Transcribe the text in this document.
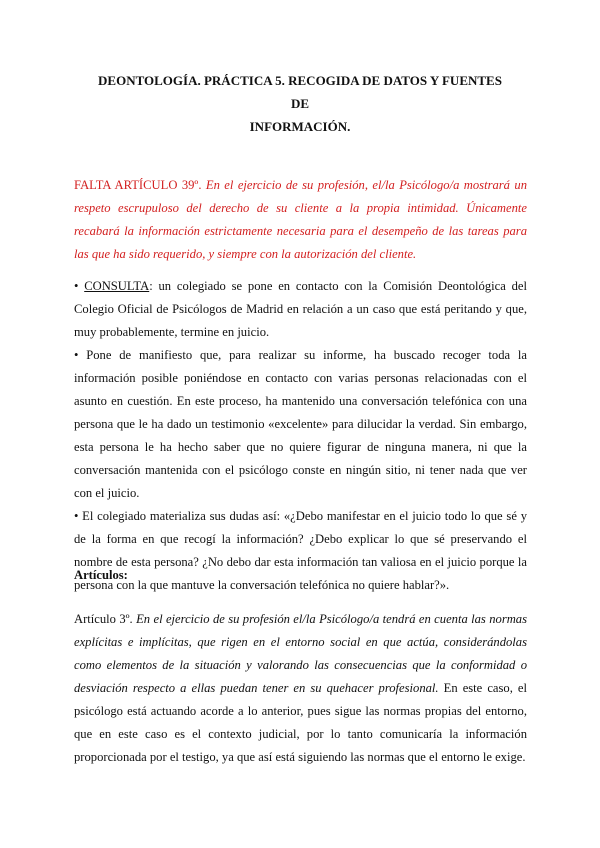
DEONTOLOGÍA. PRÁCTICA 5. RECOGIDA DE DATOS Y FUENTES DE
INFORMACIÓN.
FALTA ARTÍCULO 39º. En el ejercicio de su profesión, el/la Psicólogo/a mostrará un respeto escrupuloso del derecho de su cliente a la propia intimidad. Únicamente recabará la información estrictamente necesaria para el desempeño de las tareas para las que ha sido requerido, y siempre con la autorización del cliente.

• CONSULTA: un colegiado se pone en contacto con la Comisión Deontológica del Colegio Oficial de Psicólogos de Madrid en relación a un caso que está peritando y que, muy probablemente, termine en juicio.

• Pone de manifiesto que, para realizar su informe, ha buscado recoger toda la información posible poniéndose en contacto con varias personas relacionadas con el asunto en cuestión. En este proceso, ha mantenido una conversación telefónica con una persona que le ha dado un testimonio «excelente» para dilucidar la verdad. Sin embargo, esta persona le ha hecho saber que no quiere figurar de ninguna manera, ni que la conversación mantenida con el psicólogo conste en ningún sitio, ni tener nada que ver con el juicio.

• El colegiado materializa sus dudas así: «¿Debo manifestar en el juicio todo lo que sé y de la forma en que recogí la información? ¿Debo explicar lo que sé preservando el nombre de esta persona? ¿No debo dar esta información tan valiosa en el juicio porque la persona con la que mantuve la conversación telefónica no quiere hablar?».

Artículos:
Artículo 3º. En el ejercicio de su profesión el/la Psicólogo/a tendrá en cuenta las normas explícitas e implícitas, que rigen en el entorno social en que actúa, considerándolas como elementos de la situación y valorando las consecuencias que la conformidad o desviación respecto a ellas puedan tener en su quehacer profesional. En este caso, el psicólogo está actuando acorde a lo anterior, pues sigue las normas propias del entorno, que en este caso es el contexto judicial, por lo tanto comunicaría la información proporcionada por el testigo, ya que así está siguiendo las normas que el entorno le exige.
